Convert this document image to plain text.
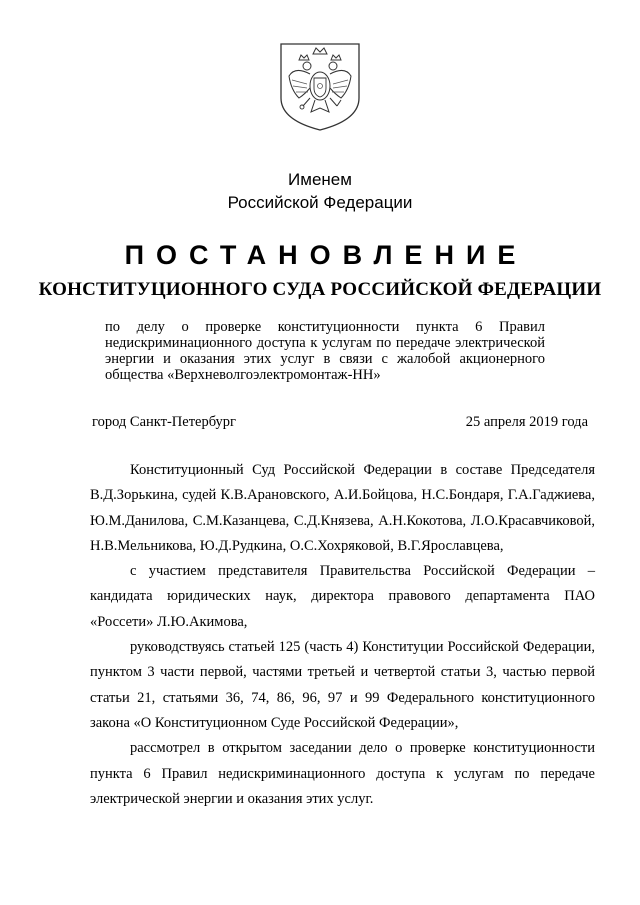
Именем
Российской Федерации
ПОСТАНОВЛЕНИЕ
КОНСТИТУЦИОННОГО СУДА РОССИЙСКОЙ ФЕДЕРАЦИИ
по делу о проверке конституционности пункта 6 Правил недискриминационного доступа к услугам по передаче электрической энергии и оказания этих услуг в связи с жалобой акционерного общества «Верхневолгоэлектромонтаж-НН»
город Санкт-Петербург	25 апреля 2019 года

Конституционный Суд Российской Федерации в составе Председателя В.Д.Зорькина, судей К.В.Арановского, А.И.Бойцова, Н.С.Бондаря, Г.А.Гаджиева, Ю.М.Данилова, С.М.Казанцева, С.Д.Князева, А.Н.Кокотова, Л.О.Красавчиковой, Н.В.Мельникова, Ю.Д.Рудкина, О.С.Хохряковой, В.Г.Ярославцева,

с участием представителя Правительства Российской Федерации – кандидата юридических наук, директора правового департамента ПАО «Россети» Л.Ю.Акимова,

руководствуясь статьей 125 (часть 4) Конституции Российской Федерации, пунктом 3 части первой, частями третьей и четвертой статьи 3, частью первой статьи 21, статьями 36, 74, 86, 96, 97 и 99 Федерального конституционного закона «О Конституционном Суде Российской Федерации»,

рассмотрел в открытом заседании дело о проверке конституционности пункта 6 Правил недискриминационного доступа к услугам по передаче электрической энергии и оказания этих услуг.
